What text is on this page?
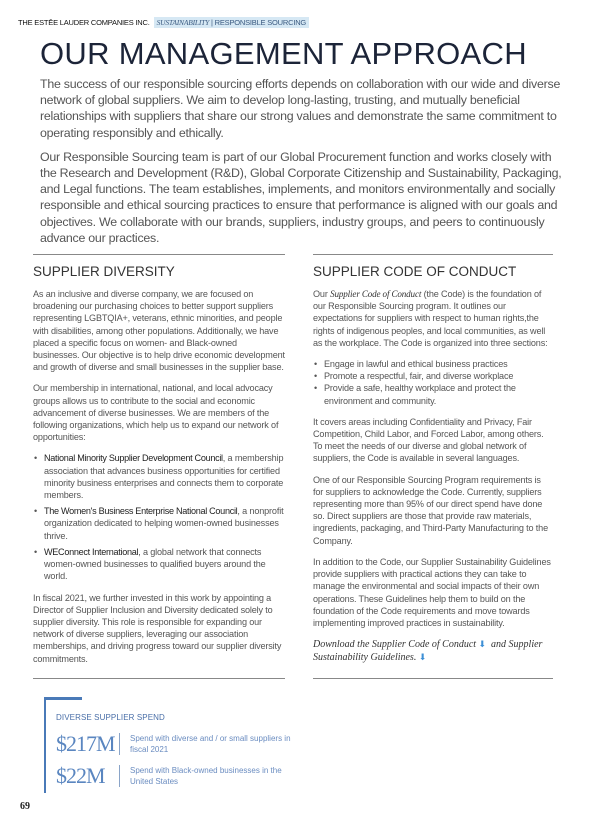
THE ESTĒE LAUDER COMPANIES INC. SUSTAINABILITY | RESPONSIBLE SOURCING
OUR MANAGEMENT APPROACH

The success of our responsible sourcing efforts depends on collaboration with our wide and diverse network of global suppliers. We aim to develop long-lasting, trusting, and mutually beneficial relationships with suppliers that share our strong values and demonstrate the same commitment to operating responsibly and ethically.

Our Responsible Sourcing team is part of our Global Procurement function and works closely with the Research and Development (R&D), Global Corporate Citizenship and Sustainability, Packaging, and Legal functions. The team establishes, implements, and monitors environmentally and socially responsible and ethical sourcing practices to ensure that performance is aligned with our goals and objectives. We collaborate with our brands, suppliers, industry groups, and peers to continuously advance our practices.

SUPPLIER DIVERSITY

As an inclusive and diverse company, we are focused on broadening our purchasing choices to better support suppliers representing LGBTQIA+, veterans, ethnic minorities, and people with disabilities, among other populations. Additionally, we have placed a specific focus on women- and Black-owned businesses. Our objective is to help drive economic development and growth of diverse and small businesses in the supplier base.

Our membership in international, national, and local advocacy groups allows us to contribute to the social and economic advancement of diverse businesses. We are members of the following organizations, which help us to expand our network of opportunities:

• National Minority Supplier Development Council, a membership association that advances business opportunities for certified minority business enterprises and connects them to corporate members.
• The Women's Business Enterprise National Council, a nonprofit organization dedicated to helping women-owned businesses thrive.
• WEConnect International, a global network that connects women-owned businesses to qualified buyers around the world.

In fiscal 2021, we further invested in this work by appointing a Director of Supplier Inclusion and Diversity dedicated solely to supplier diversity. This role is responsible for expanding our network of diverse suppliers, leveraging our association memberships, and driving progress toward our supplier diversity commitments.

SUPPLIER CODE OF CONDUCT

Our Supplier Code of Conduct (the Code) is the foundation of our Responsible Sourcing program. It outlines our expectations for suppliers with respect to human rights,the rights of indigenous peoples, and local communities, as well as the workplace. The Code is organized into three sections:

• Engage in lawful and ethical business practices
• Promote a respectful, fair, and diverse workplace
• Provide a safe, healthy workplace and protect the environment and community.

It covers areas including Confidentiality and Privacy, Fair Competition, Child Labor, and Forced Labor, among others. To meet the needs of our diverse and global network of suppliers, the Code is available in several languages.

One of our Responsible Sourcing Program requirements is for suppliers to acknowledge the Code. Currently, suppliers representing more than 95% of our direct spend have done so. Direct suppliers are those that provide raw materials, ingredients, packaging, and Third-Party Manufacturing to the Company.

In addition to the Code, our Supplier Sustainability Guidelines provide suppliers with practical actions they can take to manage the environmental and social impacts of their own operations. These Guidelines help them to build on the foundation of the Code requirements and move towards implementing improved practices in sustainability.

Download the Supplier Code of Conduct ⬇ and Supplier
Sustainability Guidelines. ⬇
DIVERSE SUPPLIER SPEND
$217M	Spend with diverse and / or small suppliers in fiscal 2021
$22M	Spend with Black-owned businesses in the United States
69
